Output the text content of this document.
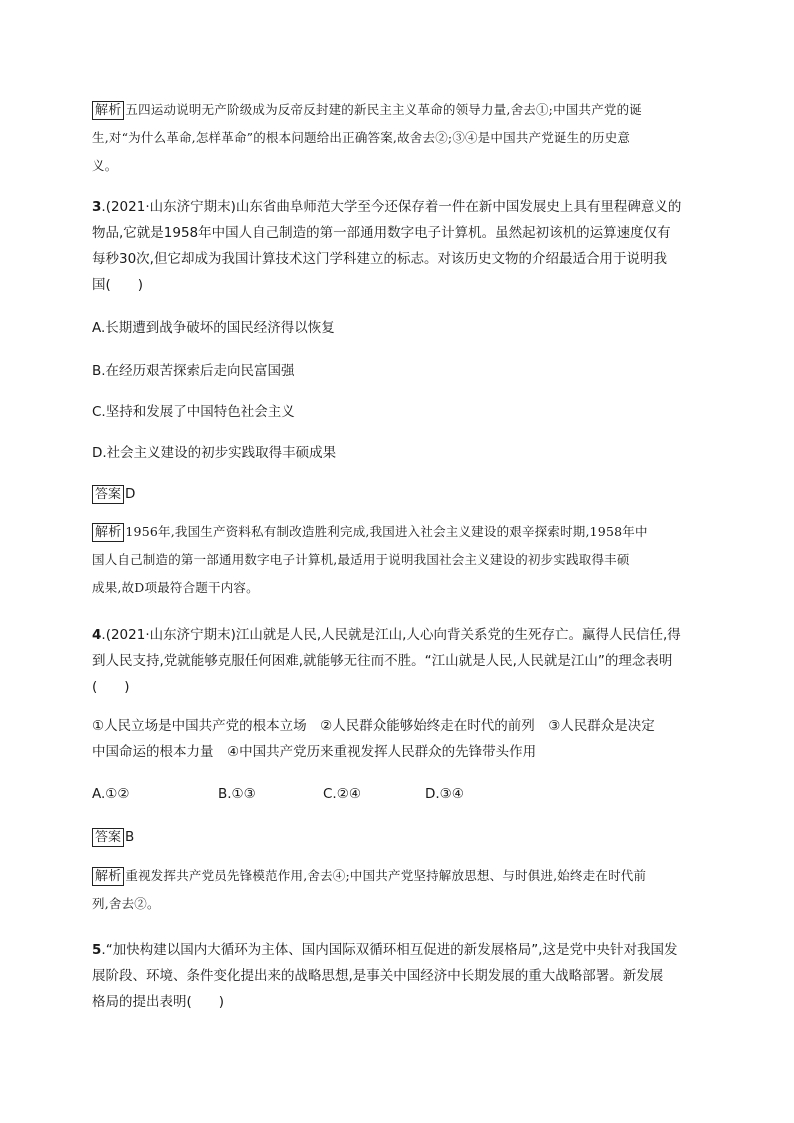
解析 五四运动说明无产阶级成为反帝反封建的新民主主义革命的领导力量,舍去①;中国共产党的诞
生,对“为什么革命,怎样革命”的根本问题给出正确答案,故舍去②;③④是中国共产党诞生的历史意
义。
3.(2021·山东济宁期末)山东省曲阜师范大学至今还保存着一件在新中国发展史上具有里程碑意义的
物品,它就是1958年中国人自己制造的第一部通用数字电子计算机。虽然起初该机的运算速度仅有
每秒30次,但它却成为我国计算技术这门学科建立的标志。对该历史文物的介绍最适合用于说明我
国(　　)
A.长期遭到战争破坏的国民经济得以恢复
B.在经历艰苦探索后走向民富国强
C.坚持和发展了中国特色社会主义
D.社会主义建设的初步实践取得丰硕成果
答案 D
解析 1956年,我国生产资料私有制改造胜利完成,我国进入社会主义建设的艰辛探索时期,1958年中
国人自己制造的第一部通用数字电子计算机,最适用于说明我国社会主义建设的初步实践取得丰硕
成果,故D项最符合题干内容。
4.(2021·山东济宁期末)江山就是人民,人民就是江山,人心向背关系党的生死存亡。赢得人民信任,得
到人民支持,党就能够克服任何困难,就能够无往而不胜。“江山就是人民,人民就是江山”的理念表明
(　　)
①人民立场是中国共产党的根本立场　②人民群众能够始终走在时代的前列　③人民群众是决定
中国命运的根本力量　④中国共产党历来重视发挥人民群众的先锋带头作用
A.①②	B.①③	C.②④	D.③④
答案 B
解析 重视发挥共产党员先锋模范作用,舍去④;中国共产党坚持解放思想、与时俱进,始终走在时代前
列,舍去②。
5.“加快构建以国内大循环为主体、国内国际双循环相互促进的新发展格局”,这是党中央针对我国发
展阶段、环境、条件变化提出来的战略思想,是事关中国经济中长期发展的重大战略部署。新发展
格局的提出表明(　　)
